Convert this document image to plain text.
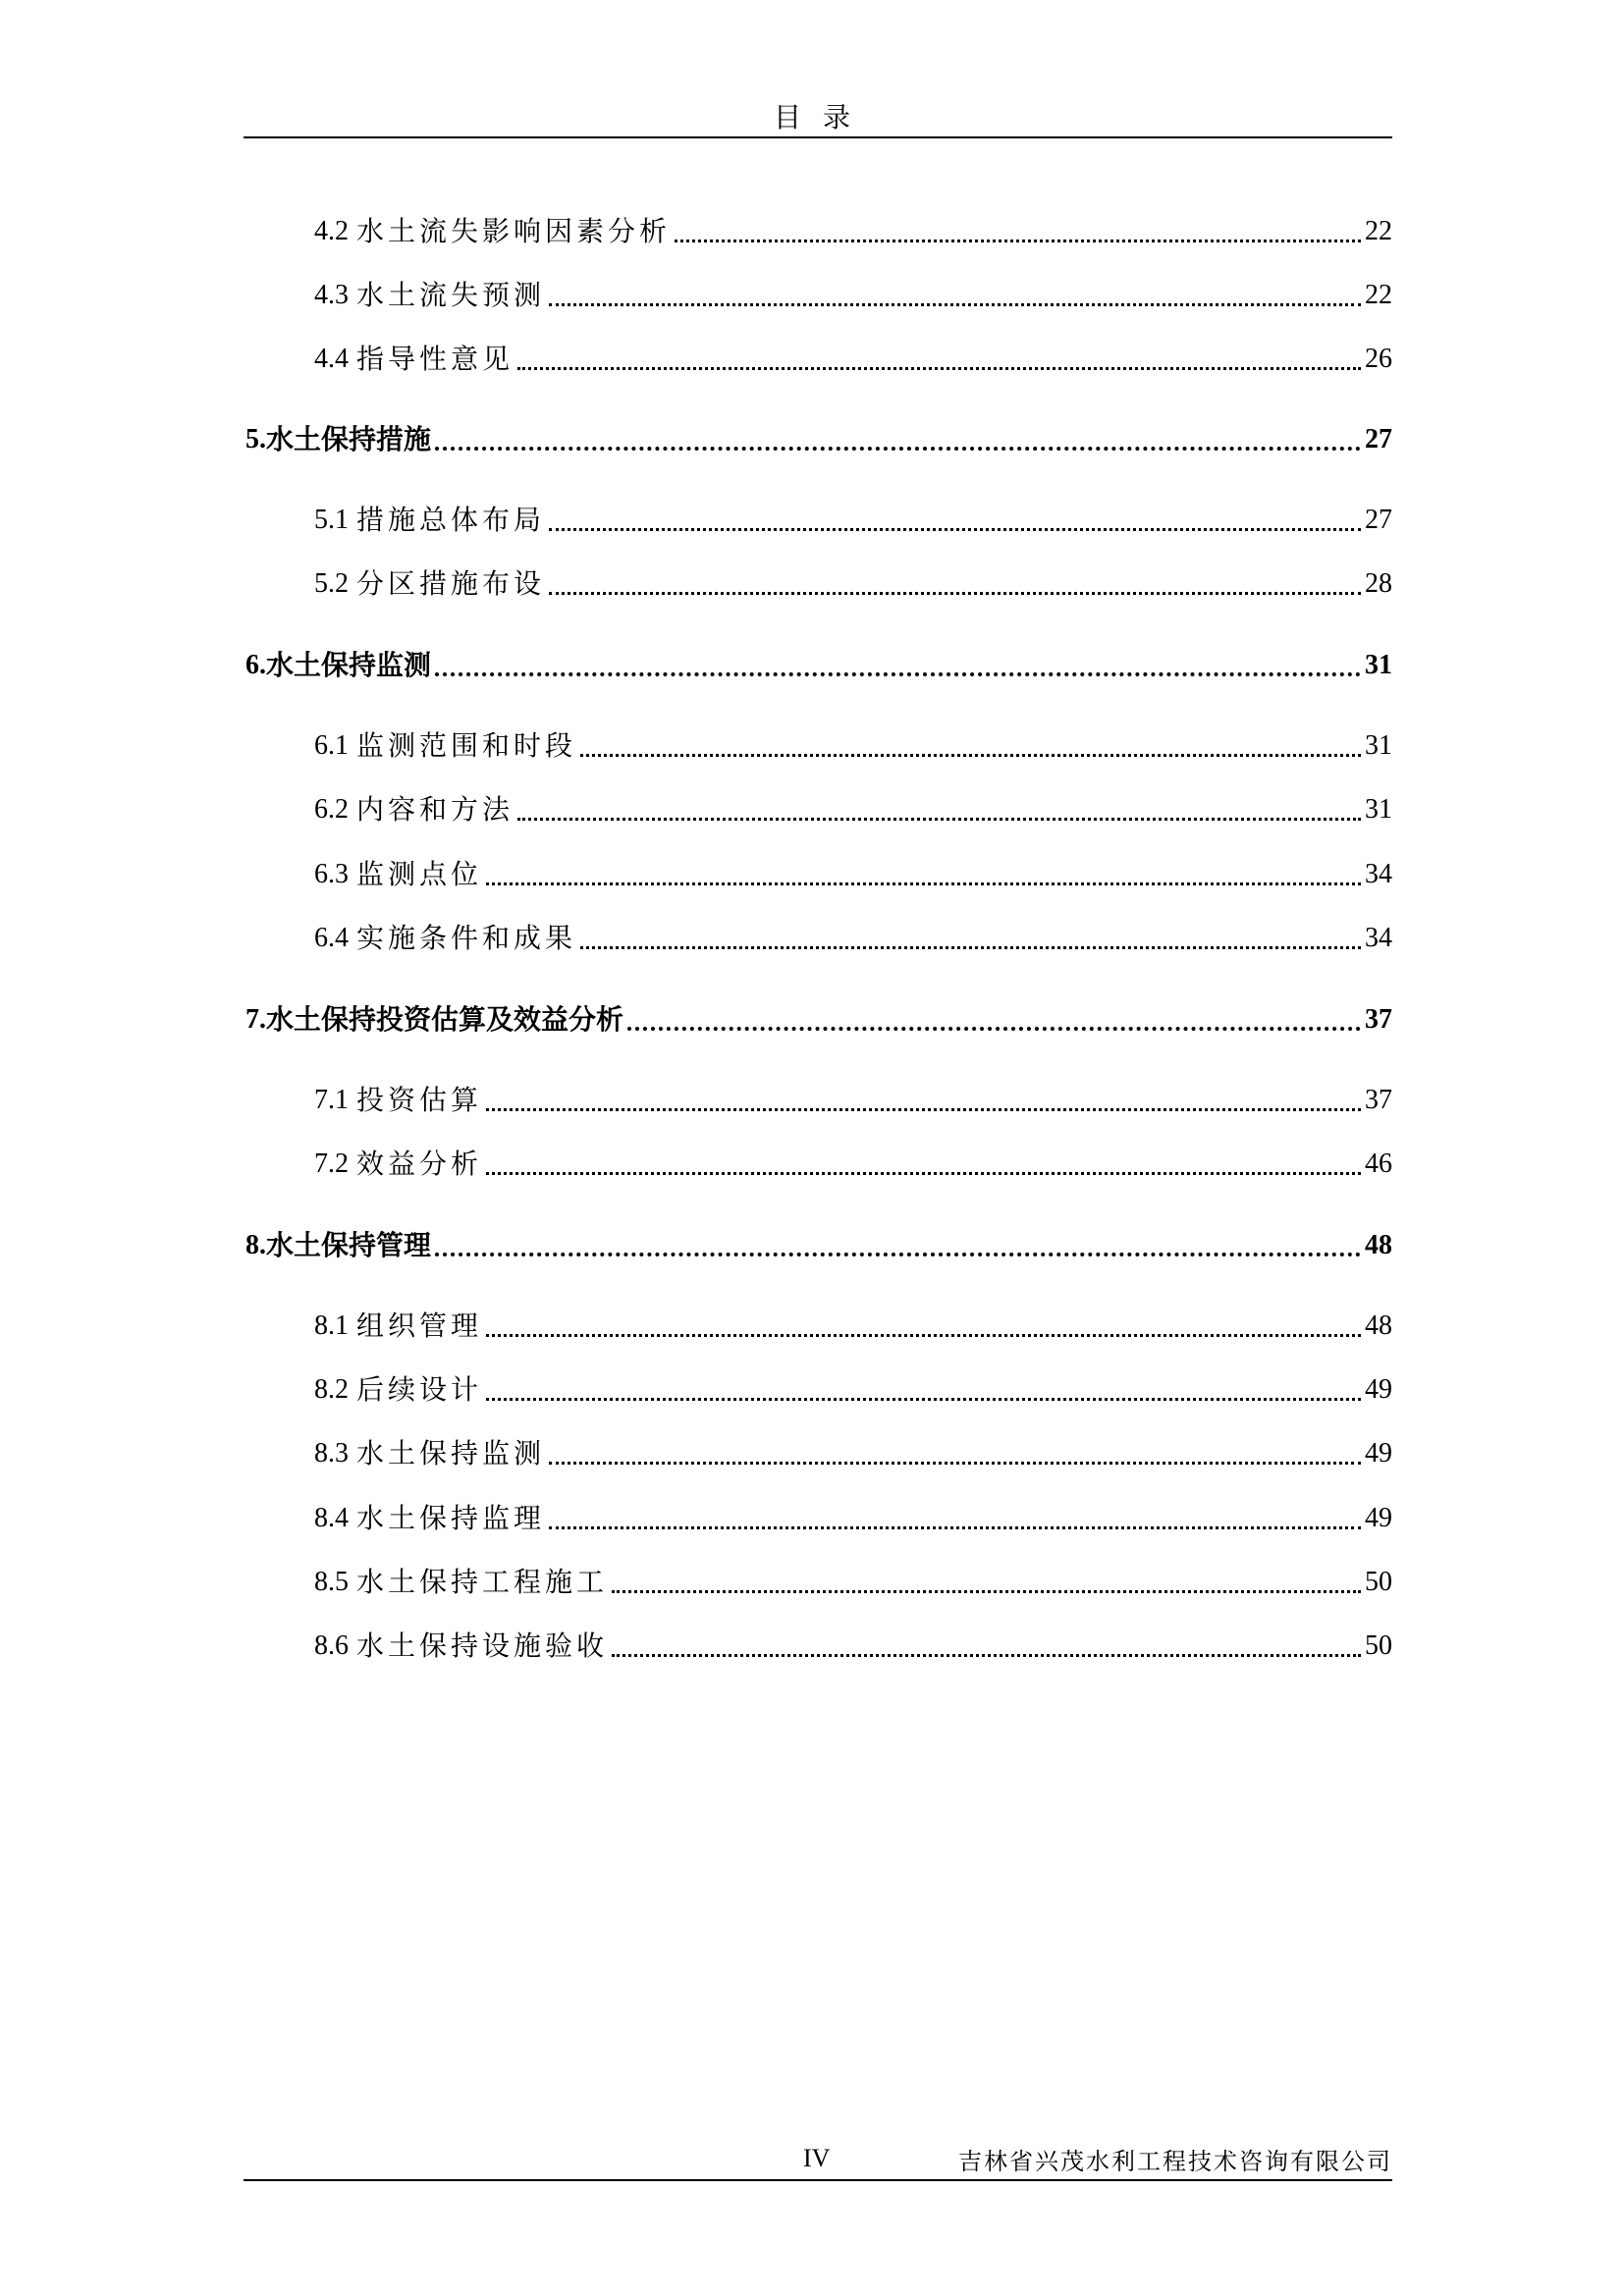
目录
4.2 水土流失影响因素分析	22
4.3 水土流失预测	22
4.4 指导性意见	26
5. 水土保持措施	27
5.1 措施总体布局	27
5.2 分区措施布设	28
6. 水土保持监测	31
6.1 监测范围和时段	31
6.2 内容和方法	31
6.3 监测点位	34
6.4 实施条件和成果	34
7. 水土保持投资估算及效益分析	37
7.1 投资估算	37
7.2 效益分析	46
8. 水土保持管理	48
8.1 组织管理	48
8.2 后续设计	49
8.3 水土保持监测	49
8.4 水土保持监理	49
8.5 水土保持工程施工	50
8.6 水土保持设施验收	50
IV	吉林省兴茂水利工程技术咨询有限公司
